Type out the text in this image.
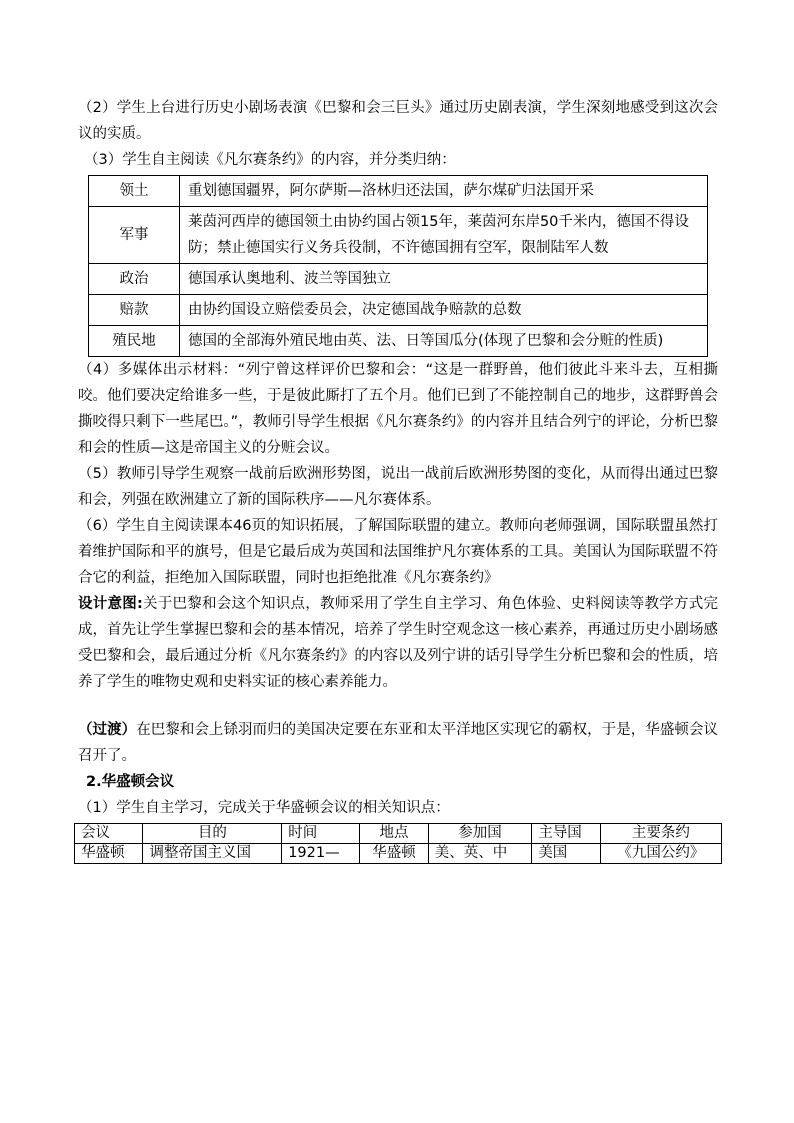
（2）学生上台进行历史小剧场表演《巴黎和会三巨头》通过历史剧表演，学生深刻地感受到这次会议的实质。

（3）学生自主阅读《凡尔赛条约》的内容，并分类归纳：

领土	重划德国疆界，阿尔萨斯—洛林归还法国，萨尔煤矿归法国开采
军事	莱茵河西岸的德国领土由协约国占领15年，莱茵河东岸50千米内，德国不得设防；禁止德国实行义务兵役制，不许德国拥有空军，限制陆军人数
政治	德国承认奥地利、波兰等国独立
赔款	由协约国设立赔偿委员会，决定德国战争赔款的总数
殖民地	德国的全部海外殖民地由英、法、日等国瓜分(体现了巴黎和会分赃的性质)

（4）多媒体出示材料：“列宁曾这样评价巴黎和会：“这是一群野兽，他们彼此斗来斗去，互相撕咬。他们要决定给谁多一些，于是彼此厮打了五个月。他们已到了不能控制自己的地步，这群野兽会撕咬得只剩下一些尾巴。”，教师引导学生根据《凡尔赛条约》的内容并且结合列宁的评论，分析巴黎和会的性质—这是帝国主义的分赃会议。

（5）教师引导学生观察一战前后欧洲形势图，说出一战前后欧洲形势图的变化，从而得出通过巴黎和会，列强在欧洲建立了新的国际秩序——凡尔赛体系。

（6）学生自主阅读课本46页的知识拓展，了解国际联盟的建立。教师向老师强调，国际联盟虽然打着维护国际和平的旗号，但是它最后成为英国和法国维护凡尔赛体系的工具。美国认为国际联盟不符合它的利益，拒绝加入国际联盟，同时也拒绝批准《凡尔赛条约》

设计意图:关于巴黎和会这个知识点，教师采用了学生自主学习、角色体验、史料阅读等教学方式完成，首先让学生掌握巴黎和会的基本情况，培养了学生时空观念这一核心素养，再通过历史小剧场感受巴黎和会，最后通过分析《凡尔赛条约》的内容以及列宁讲的话引导学生分析巴黎和会的性质，培养了学生的唯物史观和史料实证的核心素养能力。

（过渡）在巴黎和会上铩羽而归的美国决定要在东亚和太平洋地区实现它的霸权，于是，华盛顿会议召开了。

2.华盛顿会议

（1）学生自主学习，完成关于华盛顿会议的相关知识点：

会议	目的	时间	地点	参加国	主导国	主要条约
华盛顿	调整帝国主义国	1921—	华盛顿	美、英、中	美国	《九国公约》
